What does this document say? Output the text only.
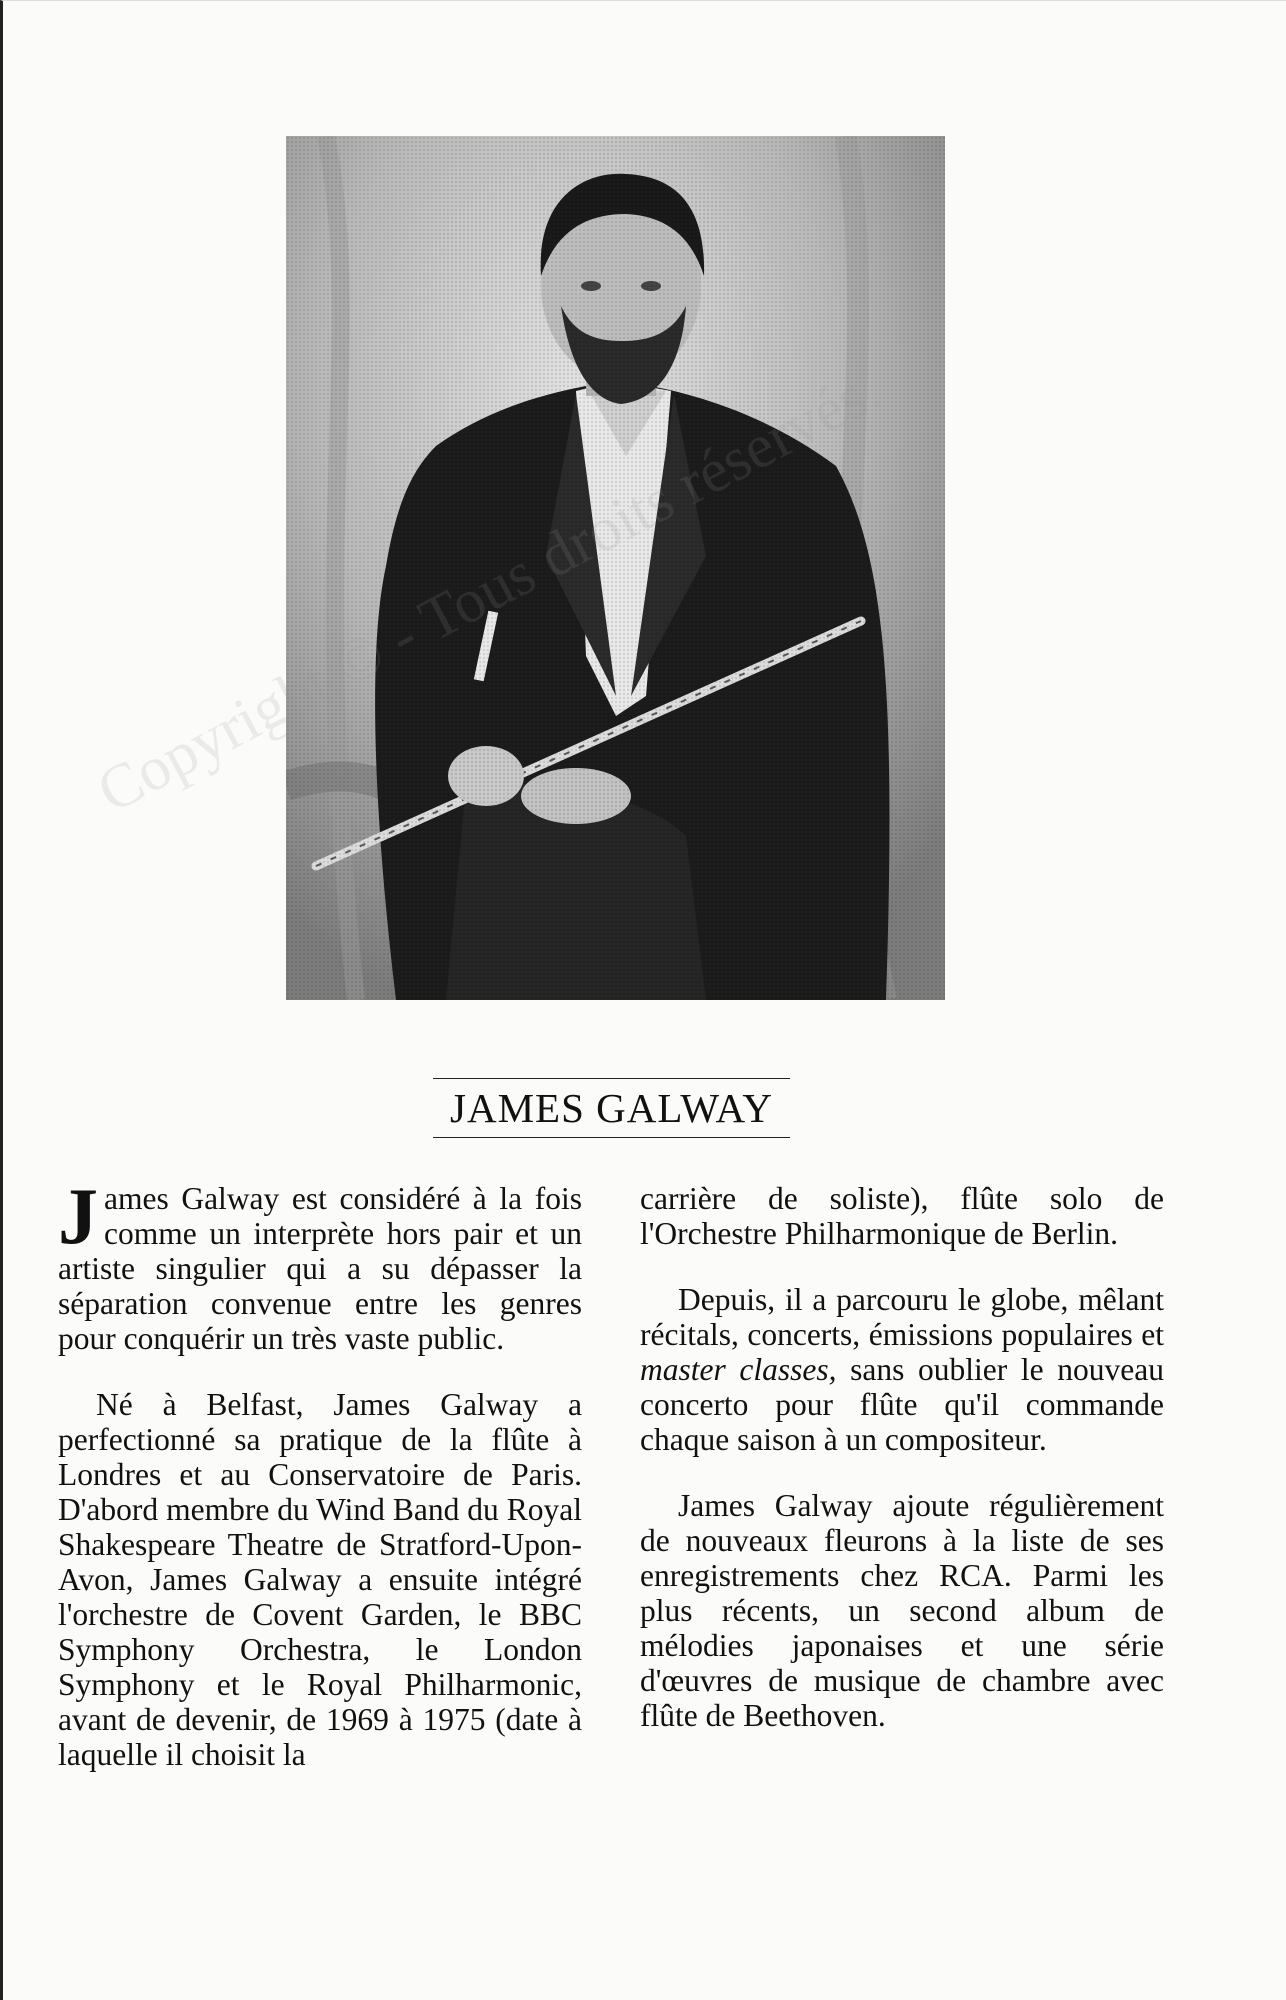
Copyright
JAMES GALWAY

James Galway est considéré à la fois comme un interprète hors pair et un artiste singulier qui a su dépasser la séparation convenue entre les genres pour conquérir un très vaste public.

Né à Belfast, James Galway a perfectionné sa pratique de la flûte à Londres et au Conservatoire de Paris. D'abord membre du Wind Band du Royal Shakespeare Theatre de Stratford-Upon-Avon, James Galway a ensuite intégré l'orchestre de Covent Garden, le BBC Symphony Orchestra, le London Symphony et le Royal Philharmonic, avant de devenir, de 1969 à 1975 (date à laquelle il choisit la

carrière de soliste), flûte solo de l'Orchestre Philharmonique de Berlin.

Depuis, il a parcouru le globe, mêlant récitals, concerts, émissions populaires et master classes, sans oublier le nouveau concerto pour flûte qu'il commande chaque saison à un compositeur.

James Galway ajoute régulièrement de nouveaux fleurons à la liste de ses enregistrements chez RCA. Parmi les plus récents, un second album de mélodies japonaises et une série d'œuvres de musique de chambre avec flûte de Beethoven.
